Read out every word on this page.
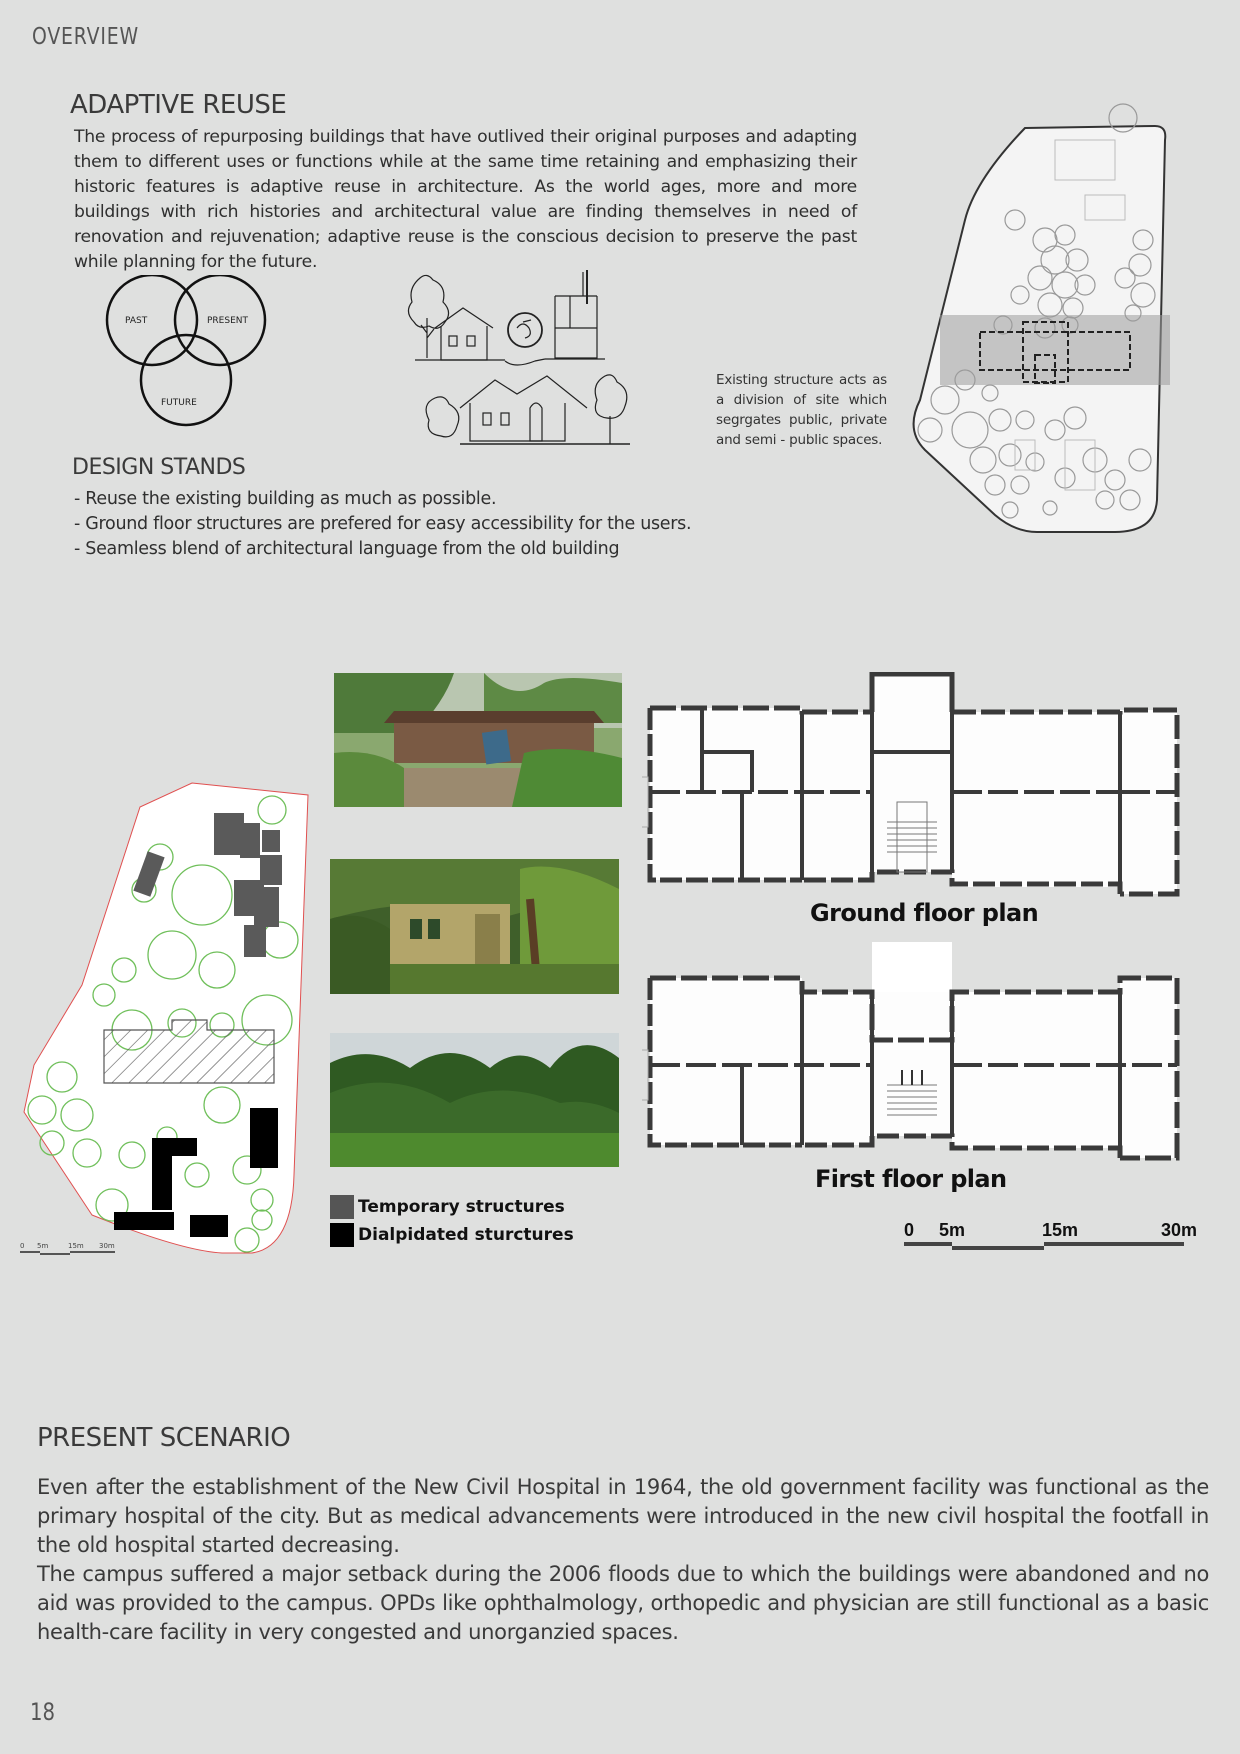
OVERVIEW
ADAPTIVE REUSE
The process of repurposing buildings that have outlived their original purposes and adapting them to different uses or functions while at the same time retaining and emphasizing their historic features is adaptive reuse in architecture. As the world ages, more and more buildings with rich histories and architectural value are finding themselves in need of renovation and rejuvenation; adaptive reuse is the conscious decision to preserve the past while planning for the future.
PAST	PRESENT
FUTURE
Existing structure acts as a division of site which segrgates public, private and semi - public spaces.
Temporary structures
Dialpidated sturctures
Ground floor plan
First floor plan
0 5m	15m	30m
0 5m	15m 30m
DESIGN STANDS
- Reuse the existing building as much as possible.
- Ground floor structures are prefered for easy accessibility for the users.
- Seamless blend of architectural language from the old building
PRESENT SCENARIO

Even after the establishment of the New Civil Hospital in 1964, the old government facility was functional as the primary hospital of the city. But as medical advancements were introduced in the new civil hospital the footfall in the old hospital started decreasing.

The campus suffered a major setback during the 2006 floods due to which the buildings were abandoned and no aid was provided to the campus. OPDs like ophthalmology, orthopedic and physician are still functional as a basic health-care facility in very congested and unorganzied spaces.

18
